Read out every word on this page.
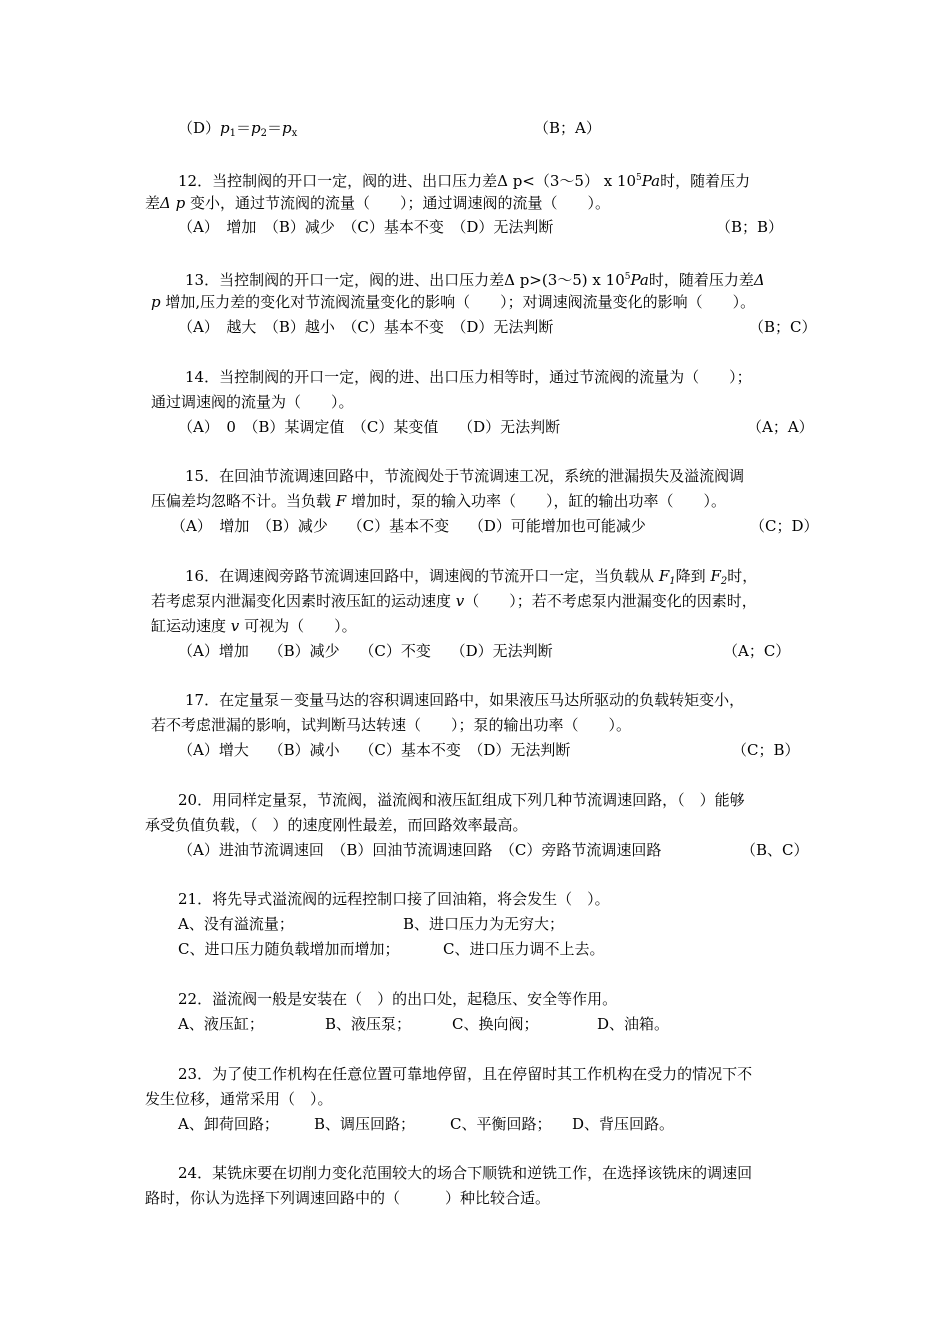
$(D)p_1=p_2=p_x$	（B；A）
12．当控制阀的开口一定，阀的进、出口压力差Δ p<（3～5） x $10^5Pa$时，随着压力
差Δ p 变小，通过节流阀的流量（　　）；通过调速阀的流量（　　）。
（A）　增加　（B）减少　（C）基本不变　（D）无法判断	（B；B）
13．当控制阀的开口一定，阀的进、出口压力差Δ p>(3～5) x $10^5Pa$时，随着压力差Δ
p 增加,压力差的变化对节流阀流量变化的影响（　　）；对调速阀流量变化的影响（　　）。
（A）　越大　（B）越小　（C）基本不变　（D）无法判断	（B；C）
14．当控制阀的开口一定，阀的进、出口压力相等时，通过节流阀的流量为（　　）；
通过调速阀的流量为（　　）。
（A）　0　（B）某调定值　（C）某变值　 （D）无法判断	（A；A）
15．在回油节流调速回路中，节流阀处于节流调速工况，系统的泄漏损失及溢流阀调
压偏差均忽略不计。当负载 F 增加时，泵的输入功率（　　），缸的输出功率（　　）。
（A）　增加　（B）减少　 （C）基本不变　 （D）可能增加也可能减少	（C；D）
16．在调速阀旁路节流调速回路中，调速阀的节流开口一定，当负载从 $F_1$降到 $F_2$时，
若考虑泵内泄漏变化因素时液压缸的运动速度 v（　　）；若不考虑泵内泄漏变化的因素时，
缸运动速度 v 可视为（　　）。
（A）增加　 （B）减少　 （C）不变　 （D）无法判断	（A；C）
17．在定量泵－变量马达的容积调速回路中，如果液压马达所驱动的负载转矩变小，
若不考虑泄漏的影响，试判断马达转速（　　）；泵的输出功率（　　）。
（A）增大　 （B）减小　 （C）基本不变　（D）无法判断	（C；B）
20．用同样定量泵，节流阀，溢流阀和液压缸组成下列几种节流调速回路，（　）能够
承受负值负载，（　）的速度刚性最差，而回路效率最高。
（A）进油节流调速回　（B）回油节流调速回路　（C）旁路节流调速回路	（B、C）
21．将先导式溢流阀的远程控制口接了回油箱，将会发生（　）。
A、没有溢流量；	B、进口压力为无穷大；
C、进口压力随负载增加而增加；	C、进口压力调不上去。
22．溢流阀一般是安装在（　）的出口处，起稳压、安全等作用。
A、液压缸；	B、液压泵；	C、换向阀；	D、油箱。
23．为了使工作机构在任意位置可靠地停留，且在停留时其工作机构在受力的情况下不
发生位移，通常采用（　）。
A、卸荷回路； B、调压回路； C、平衡回路； D、背压回路。
24．某铣床要在切削力变化范围较大的场合下顺铣和逆铣工作，在选择该铣床的调速回
路时，你认为选择下列调速回路中的（　　　）种比较合适。
